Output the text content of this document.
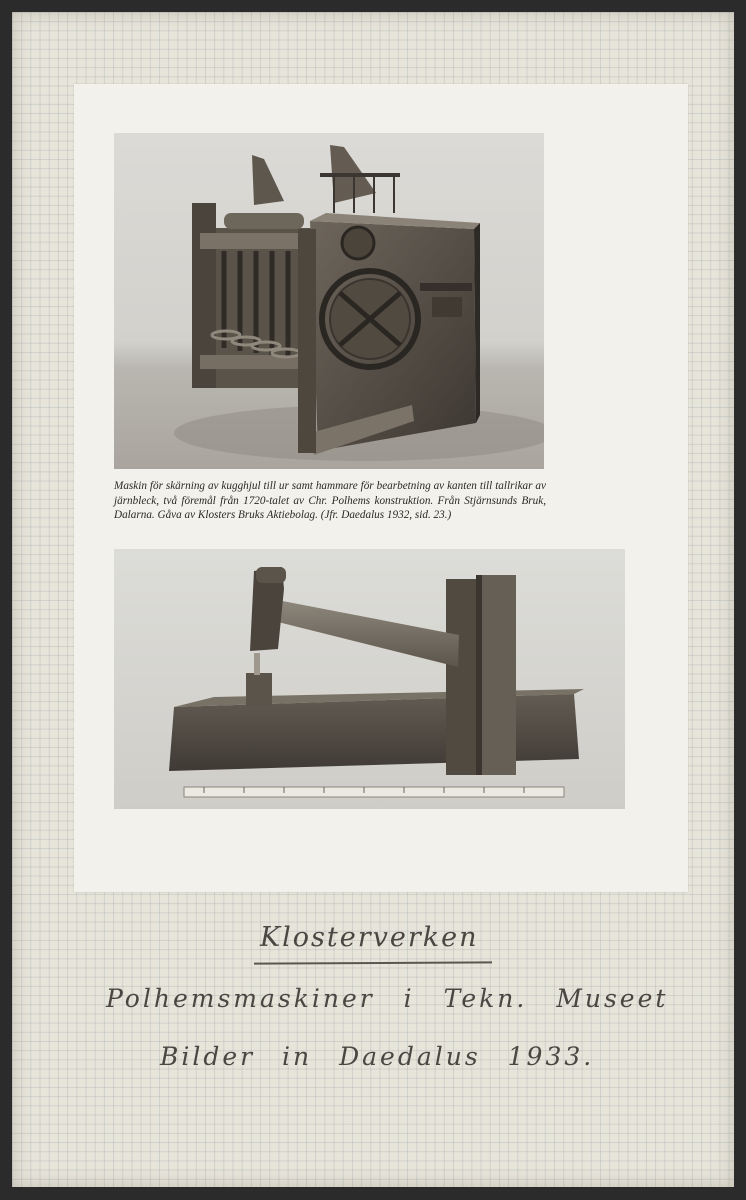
Maskin för skärning av kugghjul till ur samt hammare för bearbetning av kanten till tallrikar av järnbleck, två föremål från 1720-talet av Chr. Polhems konstruktion. Från Stjärnsunds Bruk, Dalarna. Gåva av Klosters Bruks Aktiebolag. (Jfr. Daedalus 1932, sid. 23.)
Klosterverken
Polhemsmaskiner i Tekn. Museet
Bilder in Daedalus 1933.
